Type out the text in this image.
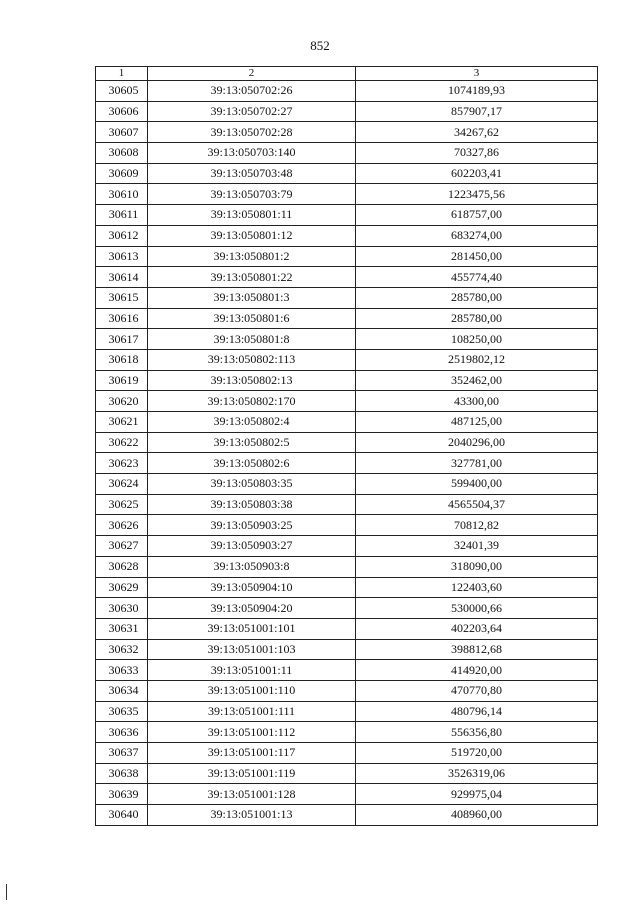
852
1	2	3
30605	39:13:050702:26	1074189,93
30606	39:13:050702:27	857907,17
30607	39:13:050702:28	34267,62
30608	39:13:050703:140	70327,86
30609	39:13:050703:48	602203,41
30610	39:13:050703:79	1223475,56
30611	39:13:050801:11	618757,00
30612	39:13:050801:12	683274,00
30613	39:13:050801:2	281450,00
30614	39:13:050801:22	455774,40
30615	39:13:050801:3	285780,00
30616	39:13:050801:6	285780,00
30617	39:13:050801:8	108250,00
30618	39:13:050802:113	2519802,12
30619	39:13:050802:13	352462,00
30620	39:13:050802:170	43300,00
30621	39:13:050802:4	487125,00
30622	39:13:050802:5	2040296,00
30623	39:13:050802:6	327781,00
30624	39:13:050803:35	599400,00
30625	39:13:050803:38	4565504,37
30626	39:13:050903:25	70812,82
30627	39:13:050903:27	32401,39
30628	39:13:050903:8	318090,00
30629	39:13:050904:10	122403,60
30630	39:13:050904:20	530000,66
30631	39:13:051001:101	402203,64
30632	39:13:051001:103	398812,68
30633	39:13:051001:11	414920,00
30634	39:13:051001:110	470770,80
30635	39:13:051001:111	480796,14
30636	39:13:051001:112	556356,80
30637	39:13:051001:117	519720,00
30638	39:13:051001:119	3526319,06
30639	39:13:051001:128	929975,04
30640	39:13:051001:13	408960,00
